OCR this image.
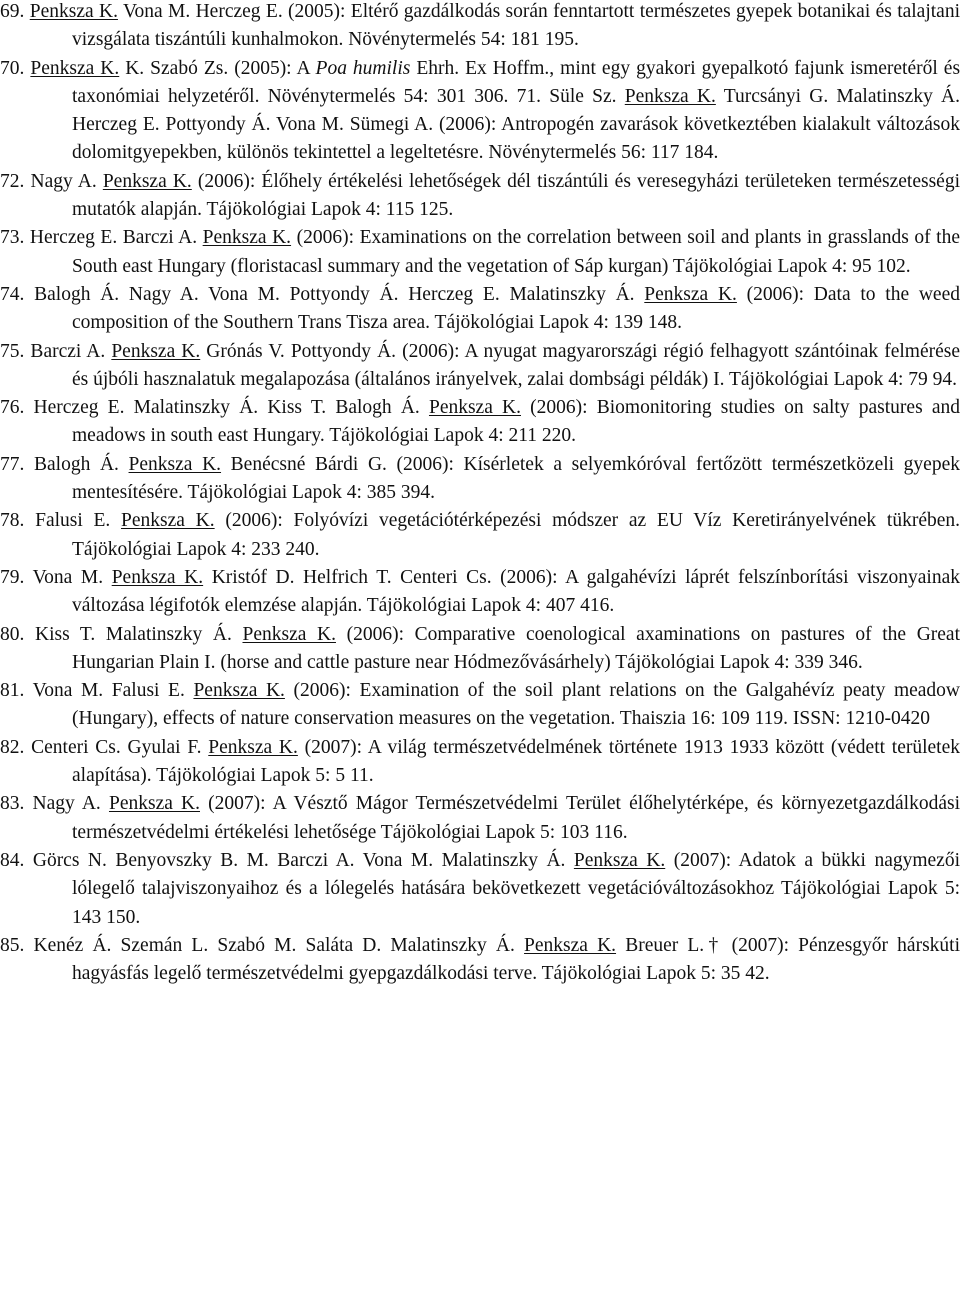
69. Penksza K. Vona M. Herczeg E. (2005): Eltérő gazdálkodás során fenntartott természetes gyepek botanikai és talajtani vizsgálata tiszántúli kunhalmokon. Növénytermelés 54: 181 195.
70. Penksza K. K. Szabó Zs. (2005): A Poa humilis Ehrh. Ex Hoffm., mint egy gyakori gyepalkotó fajunk ismeretéről és taxonómiai helyzetéről. Növénytermelés 54: 301 306. 71. Süle Sz. Penksza K. Turcsányi G. Malatinszky Á. Herczeg E. Pottyondy Á. Vona M. Sümegi A. (2006): Antropogén zavarások következtében kialakult változások dolomitgyepekben, különös tekintettel a legeltetésre. Növénytermelés 56: 117 184.
72. Nagy A. Penksza K. (2006): Élőhely értékelési lehetőségek dél tiszántúli és veresegyházi területeken természetességi mutatók alapján. Tájökológiai Lapok 4: 115 125.
73. Herczeg E. Barczi A. Penksza K. (2006): Examinations on the correlation between soil and plants in grasslands of the South east Hungary (floristacasl summary and the vegetation of Sáp kurgan) Tájökológiai Lapok 4: 95 102.
74. Balogh Á. Nagy A. Vona M. Pottyondy Á. Herczeg E. Malatinszky Á. Penksza K. (2006): Data to the weed composition of the Southern Trans Tisza area. Tájökológiai Lapok 4: 139 148.
75. Barczi A. Penksza K. Grónás V. Pottyondy Á. (2006): A nyugat magyarországi régió felhagyott szántóinak felmérése és újbóli hasznalatuk megalapozása (általános irányelvek, zalai dombsági példák) I. Tájökológiai Lapok 4: 79 94.
76. Herczeg E. Malatinszky Á. Kiss T. Balogh Á. Penksza K. (2006): Biomonitoring studies on salty pastures and meadows in south east Hungary. Tájökológiai Lapok 4: 211 220.
77. Balogh Á. Penksza K. Benécsné Bárdi G. (2006): Kísérletek a selyemkóróval fertőzött természetközeli gyepek mentesítésére. Tájökológiai Lapok 4: 385 394.
78. Falusi E. Penksza K. (2006): Folyóvízi vegetációtérképezési módszer az EU Víz Keretirányelvének tükrében. Tájökológiai Lapok 4: 233 240.
79. Vona M. Penksza K. Kristóf D. Helfrich T. Centeri Cs. (2006): A galgahévízi láprét felszínborítási viszonyainak változása légifotók elemzése alapján. Tájökológiai Lapok 4: 407 416.
80. Kiss T. Malatinszky Á. Penksza K. (2006): Comparative coenological axaminations on pastures of the Great Hungarian Plain I. (horse and cattle pasture near Hódmezővásárhely) Tájökológiai Lapok 4: 339 346.
81. Vona M. Falusi E. Penksza K. (2006): Examination of the soil plant relations on the Galgahévíz peaty meadow (Hungary), effects of nature conservation measures on the vegetation. Thaiszia 16: 109 119. ISSN: 1210-0420
82. Centeri Cs. Gyulai F. Penksza K. (2007): A világ természetvédelmének története 1913 1933 között (védett területek alapítása). Tájökológiai Lapok 5: 5 11.
83. Nagy A. Penksza K. (2007): A Vésztő Mágor Természetvédelmi Terület élőhelytérképe, és környezetgazdálkodási természetvédelmi értékelési lehetősége Tájökológiai Lapok 5: 103 116.
84. Görcs N. Benyovszky B. M. Barczi A. Vona M. Malatinszky Á. Penksza K. (2007): Adatok a bükki nagymezői lólegelő talajviszonyaihoz és a lólegelés hatására bekövetkezett vegetációváltozásokhoz Tájökológiai Lapok 5: 143 150.
85. Kenéz Á. Szemán L. Szabó M. Saláta D. Malatinszky Á. Penksza K. Breuer L.† (2007): Pénzesgyőr hárskúti hagyásfás legelő természetvédelmi gyepgazdálkodási terve. Tájökológiai Lapok 5: 35 42.
